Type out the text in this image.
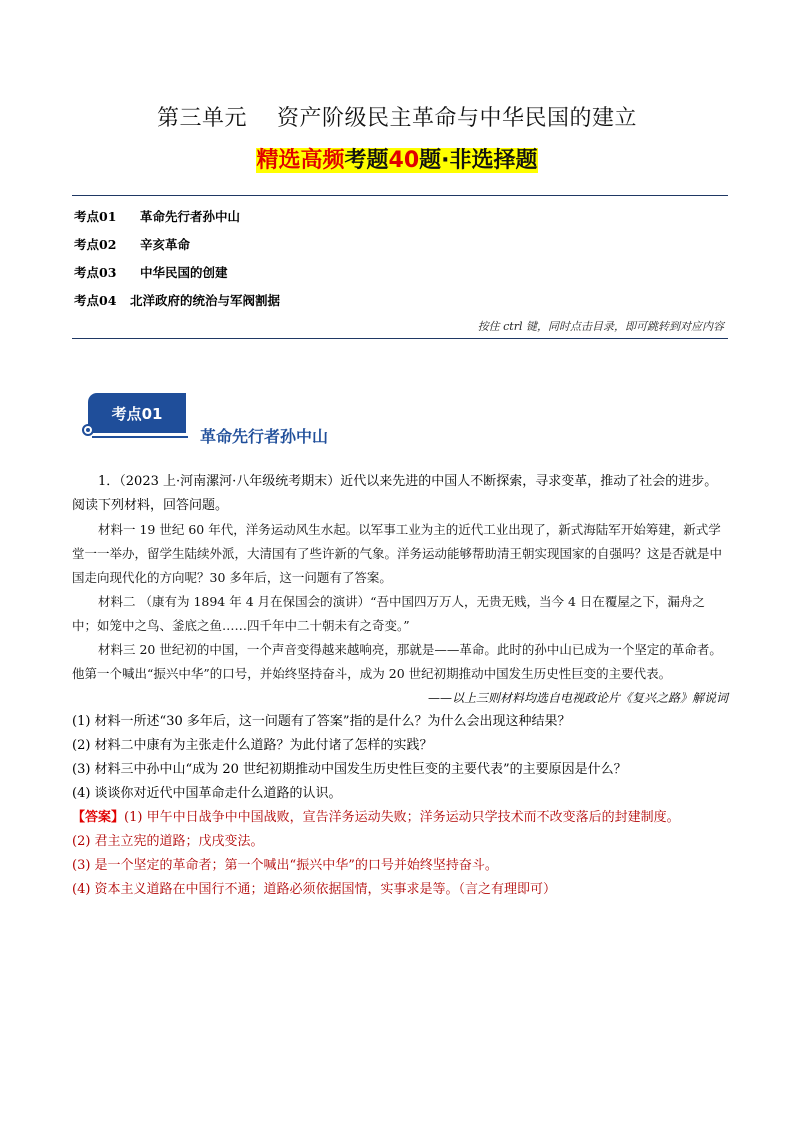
第三单元    资产阶级民主革命与中华民国的建立
精选高频考题40题·非选择题
考点01 革命先行者孙中山
考点02 辛亥革命
考点03 中华民国的创建
考点04 北洋政府的统治与军阀割据
按住 ctrl 键，同时点击目录，即可跳转到对应内容
考点01
革命先行者孙中山

1．（2023 上·河南漯河·八年级统考期末）近代以来先进的中国人不断探索，寻求变革，推动了社会的进步。阅读下列材料，回答问题。

材料一 19 世纪 60 年代，洋务运动风生水起。以军事工业为主的近代工业出现了，新式海陆军开始筹建，新式学堂一一举办，留学生陆续外派，大清国有了些许新的气象。洋务运动能够帮助清王朝实现国家的自强吗？这是否就是中国走向现代化的方向呢？30 多年后，这一问题有了答案。

材料二 （康有为 1894 年 4 月在保国会的演讲）“吾中国四万万人，无贵无贱，当今 4 日在覆屋之下，漏舟之中；如笼中之鸟、釜底之鱼……四千年中二十朝未有之奇变。”

材料三 20 世纪初的中国，一个声音变得越来越响亮，那就是——革命。此时的孙中山已成为一个坚定的革命者。他第一个喊出“振兴中华”的口号，并始终坚持奋斗，成为 20 世纪初期推动中国发生历史性巨变的主要代表。

——以上三则材料均选自电视政论片《复兴之路》解说词

(1) 材料一所述“30 多年后，这一问题有了答案”指的是什么？为什么会出现这种结果？

(2) 材料二中康有为主张走什么道路？为此付诸了怎样的实践？

(3) 材料三中孙中山“成为 20 世纪初期推动中国发生历史性巨变的主要代表”的主要原因是什么？

(4) 谈谈你对近代中国革命走什么道路的认识。

【答案】(1) 甲午中日战争中中国战败，宣告洋务运动失败；洋务运动只学技术而不改变落后的封建制度。

(2) 君主立宪的道路；戊戌变法。

(3) 是一个坚定的革命者；第一个喊出“振兴中华”的口号并始终坚持奋斗。

(4) 资本主义道路在中国行不通；道路必须依据国情，实事求是等。（言之有理即可）
